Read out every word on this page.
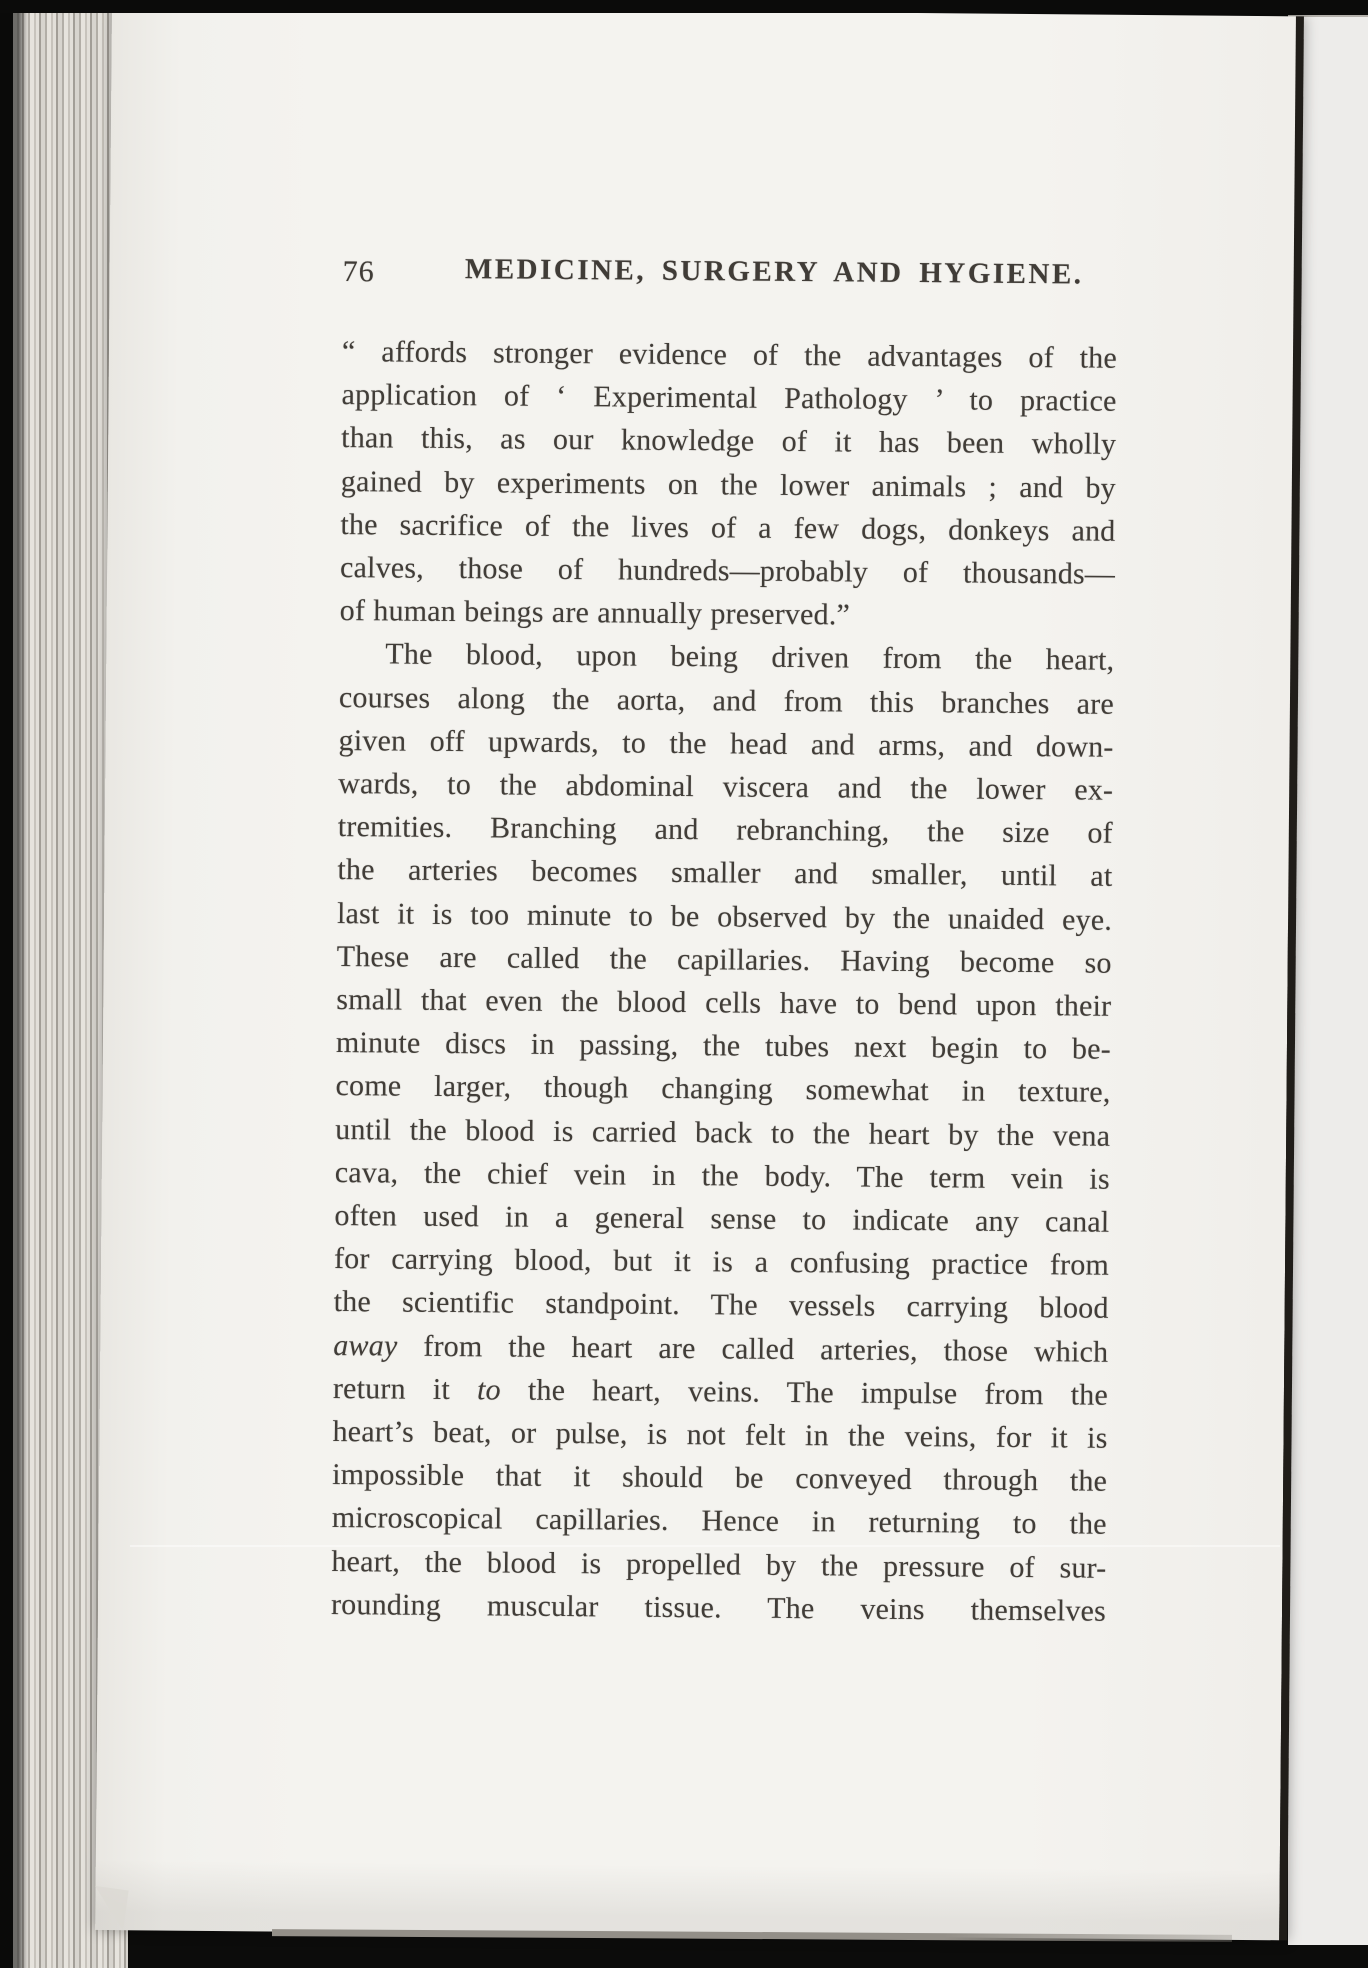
76	MEDICINE, SURGERY AND HYGIENE.
“ affords stronger evidence of the advantages of the
application of ‘ Experimental Pathology ’ to practice
than this, as our knowledge of it has been wholly
gained by experiments on the lower animals ; and by
the sacrifice of the lives of a few dogs, donkeys and
calves, those of hundreds—probably of thousands—
of human beings are annually preserved.”
The blood, upon being driven from the heart,
courses along the aorta, and from this branches are
given off upwards, to the head and arms, and down-
wards, to the abdominal viscera and the lower ex-
tremities. Branching and rebranching, the size of
the arteries becomes smaller and smaller, until at
last it is too minute to be observed by the unaided eye.
These are called the capillaries. Having become so
small that even the blood cells have to bend upon their
minute discs in passing, the tubes next begin to be-
come larger, though changing somewhat in texture,
until the blood is carried back to the heart by the vena
cava, the chief vein in the body. The term vein is
often used in a general sense to indicate any canal
for carrying blood, but it is a confusing practice from
the scientific standpoint. The vessels carrying blood
away from the heart are called arteries, those which
return it to the heart, veins. The impulse from the
heart’s beat, or pulse, is not felt in the veins, for it is
impossible that it should be conveyed through the
microscopical capillaries. Hence in returning to the
heart, the blood is propelled by the pressure of sur-
rounding muscular tissue. The veins themselves
